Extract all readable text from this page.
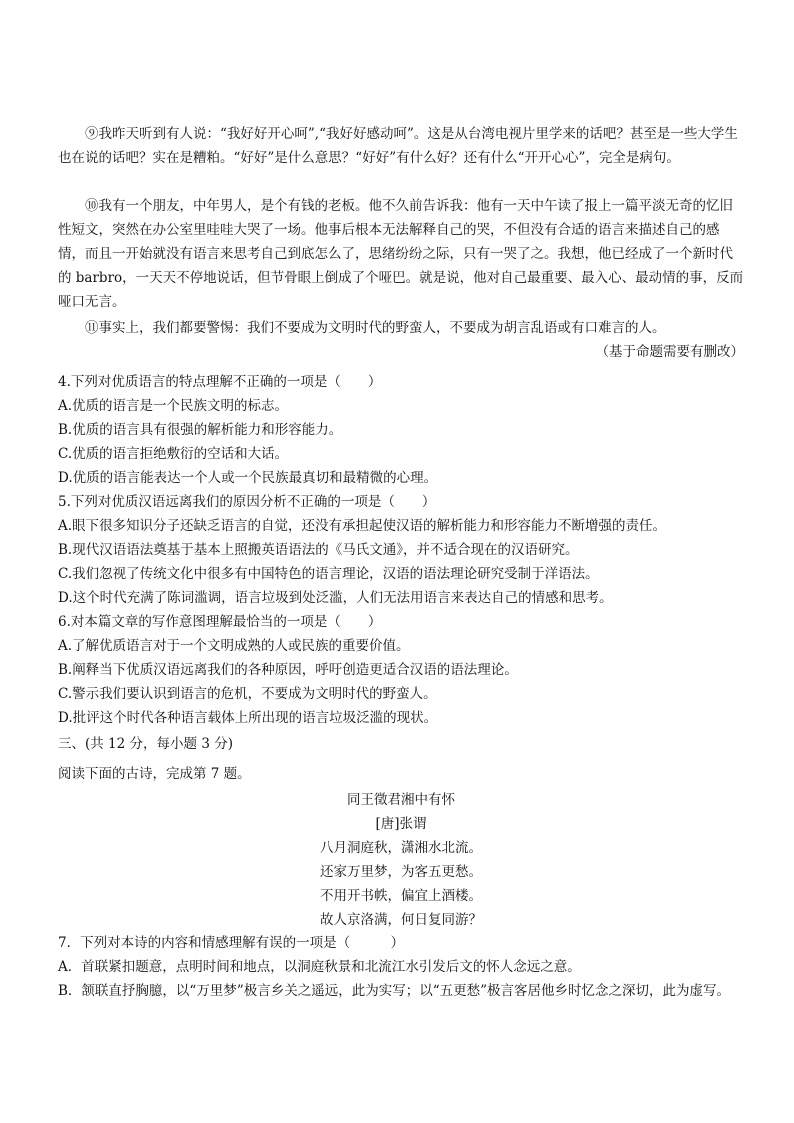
⑨我昨天听到有人说：“我好好开心呵”,“我好好感动呵”。这是从台湾电视片里学来的话吧？甚至是一些大学生也在说的话吧？实在是糟粕。“好好”是什么意思？“好好”有什么好？还有什么“开开心心”，完全是病句。
⑩我有一个朋友，中年男人，是个有钱的老板。他不久前告诉我：他有一天中午读了报上一篇平淡无奇的忆旧性短文，突然在办公室里哇哇大哭了一场。他事后根本无法解释自己的哭，不但没有合适的语言来描述自己的感情，而且一开始就没有语言来思考自己到底怎么了，思绪纷纷之际，只有一哭了之。我想，他已经成了一个新时代的 barbro，一天天不停地说话，但节骨眼上倒成了个哑巴。就是说，他对自己最重要、最入心、最动情的事，反而哑口无言。
⑪事实上，我们都要警惕：我们不要成为文明时代的野蛮人，不要成为胡言乱语或有口难言的人。
（基于命题需要有删改）
4.下列对优质语言的特点理解不正确的一项是（　　）
A.优质的语言是一个民族文明的标志。
B.优质的语言具有很强的解析能力和形容能力。
C.优质的语言拒绝敷衍的空话和大话。
D.优质的语言能表达一个人或一个民族最真切和最精微的心理。
5.下列对优质汉语远离我们的原因分析不正确的一项是（　　）
A.眼下很多知识分子还缺乏语言的自觉，还没有承担起使汉语的解析能力和形容能力不断增强的责任。
B.现代汉语语法奠基于基本上照搬英语语法的《马氏文通》，并不适合现在的汉语研究。
C.我们忽视了传统文化中很多有中国特色的语言理论，汉语的语法理论研究受制于洋语法。
D.这个时代充满了陈词滥调，语言垃圾到处泛滥，人们无法用语言来表达自己的情感和思考。
6.对本篇文章的写作意图理解最恰当的一项是（　　）
A.了解优质语言对于一个文明成熟的人或民族的重要价值。
B.阐释当下优质汉语远离我们的各种原因，呼吁创造更适合汉语的语法理论。
C.警示我们要认识到语言的危机，不要成为文明时代的野蛮人。
D.批评这个时代各种语言载体上所出现的语言垃圾泛滥的现状。
三、(共 12 分，每小题 3 分)
阅读下面的古诗，完成第 7 题。
同王徵君湘中有怀
[唐]张谓
八月洞庭秋，潇湘水北流。
还家万里梦，为客五更愁。
不用开书帙，偏宜上酒楼。
故人京洛满，何日复同游？
7．下列对本诗的内容和情感理解有误的一项是（　　　）
A．首联紧扣题意，点明时间和地点，以洞庭秋景和北流江水引发后文的怀人念远之意。
B．颔联直抒胸臆，以“万里梦”极言乡关之遥远，此为实写；以“五更愁”极言客居他乡时忆念之深切，此为虚写。
